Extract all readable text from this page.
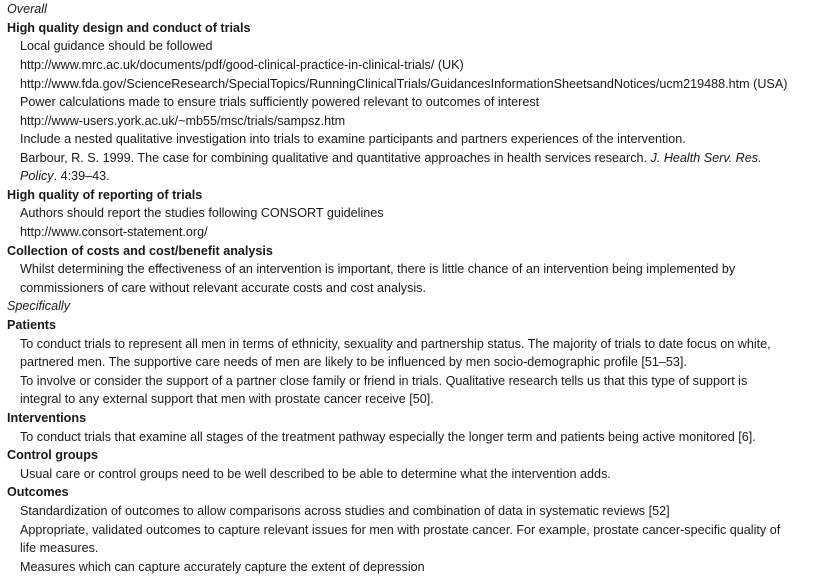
Overall
High quality design and conduct of trials
Local guidance should be followed
http://www.mrc.ac.uk/documents/pdf/good-clinical-practice-in-clinical-trials/ (UK)
http://www.fda.gov/ScienceResearch/SpecialTopics/RunningClinicalTrials/GuidancesInformationSheetsandNotices/ucm219488.htm (USA)
Power calculations made to ensure trials sufficiently powered relevant to outcomes of interest
http://www-users.york.ac.uk/~mb55/msc/trials/sampsz.htm
Include a nested qualitative investigation into trials to examine participants and partners experiences of the intervention.
Barbour, R. S. 1999. The case for combining qualitative and quantitative approaches in health services research. J. Health Serv. Res.
Policy. 4:39–43.
High quality of reporting of trials
Authors should report the studies following CONSORT guidelines
http://www.consort-statement.org/
Collection of costs and cost/benefit analysis
Whilst determining the effectiveness of an intervention is important, there is little chance of an intervention being implemented by
commissioners of care without relevant accurate costs and cost analysis.
Specifically
Patients
To conduct trials to represent all men in terms of ethnicity, sexuality and partnership status. The majority of trials to date focus on white,
partnered men. The supportive care needs of men are likely to be influenced by men socio-demographic profile [51–53].
To involve or consider the support of a partner close family or friend in trials. Qualitative research tells us that this type of support is
integral to any external support that men with prostate cancer receive [50].
Interventions
To conduct trials that examine all stages of the treatment pathway especially the longer term and patients being active monitored [6].
Control groups
Usual care or control groups need to be well described to be able to determine what the intervention adds.
Outcomes
Standardization of outcomes to allow comparisons across studies and combination of data in systematic reviews [52]
Appropriate, validated outcomes to capture relevant issues for men with prostate cancer. For example, prostate cancer-specific quality of
life measures.
Measures which can capture accurately capture the extent of depression
